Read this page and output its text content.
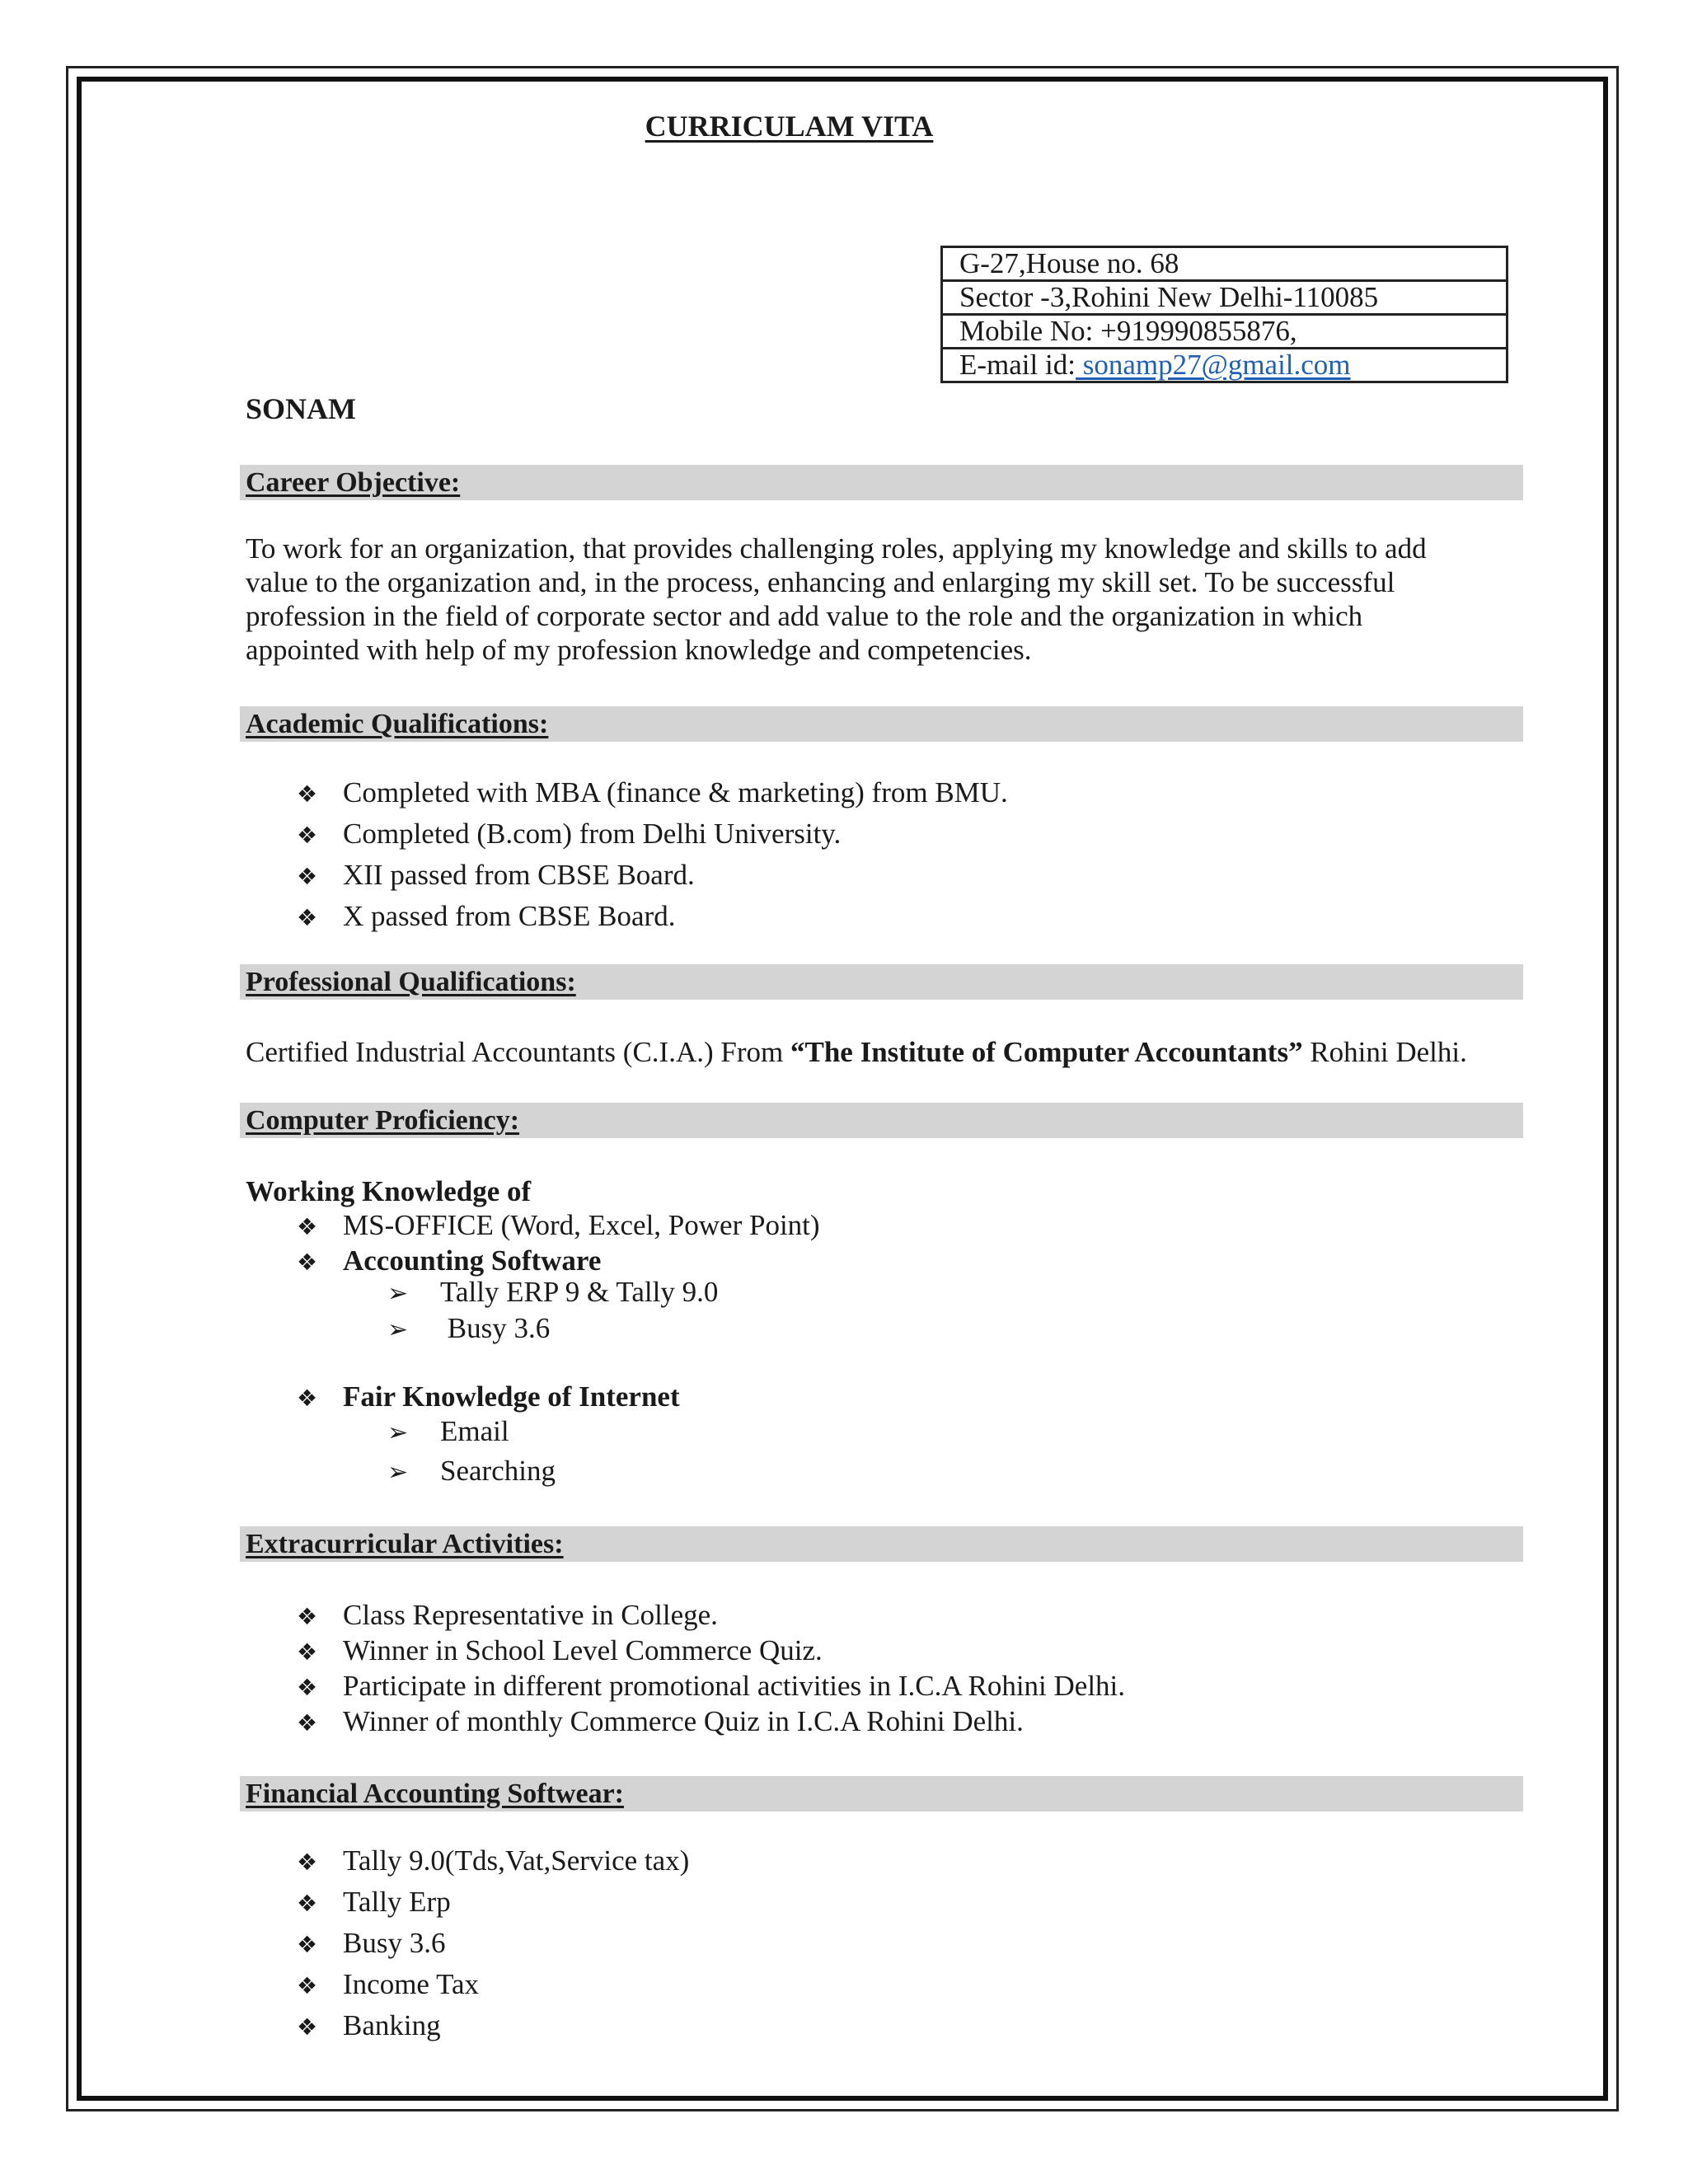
CURRICULAM VITA
G-27,House no. 68
Sector -3,Rohini New Delhi-110085
Mobile No: +919990855876,
E-mail id: sonamp27@gmail.com
SONAM
Career Objective:
To work for an organization, that provides challenging roles, applying my knowledge and skills to add
value to the organization and, in the process, enhancing and enlarging my skill set. To be successful
profession in the field of corporate sector and add value to the role and the organization in which
appointed with help of my profession knowledge and competencies.
Academic Qualifications:
❖ Completed with MBA (finance & marketing) from BMU.
❖ Completed (B.com) from Delhi University.
❖ XII passed from CBSE Board.
❖ X passed from CBSE Board.
Professional Qualifications:
Certified Industrial Accountants (C.I.A.) From “The Institute of Computer Accountants” Rohini Delhi.
Computer Proficiency:
Working Knowledge of
❖ MS-OFFICE (Word, Excel, Power Point)
❖ Accounting Software
➢	Tally ERP 9 & Tally 9.0
➢	Busy 3.6
❖ Fair Knowledge of Internet
➢	Email
➢	Searching
Extracurricular Activities:
❖ Class Representative in College.
❖ Winner in School Level Commerce Quiz.
❖ Participate in different promotional activities in I.C.A Rohini Delhi.
❖ Winner of monthly Commerce Quiz in I.C.A Rohini Delhi.
Financial Accounting Softwear:
❖ Tally 9.0(Tds,Vat,Service tax)
❖ Tally Erp
❖ Busy 3.6
❖ Income Tax
❖ Banking
